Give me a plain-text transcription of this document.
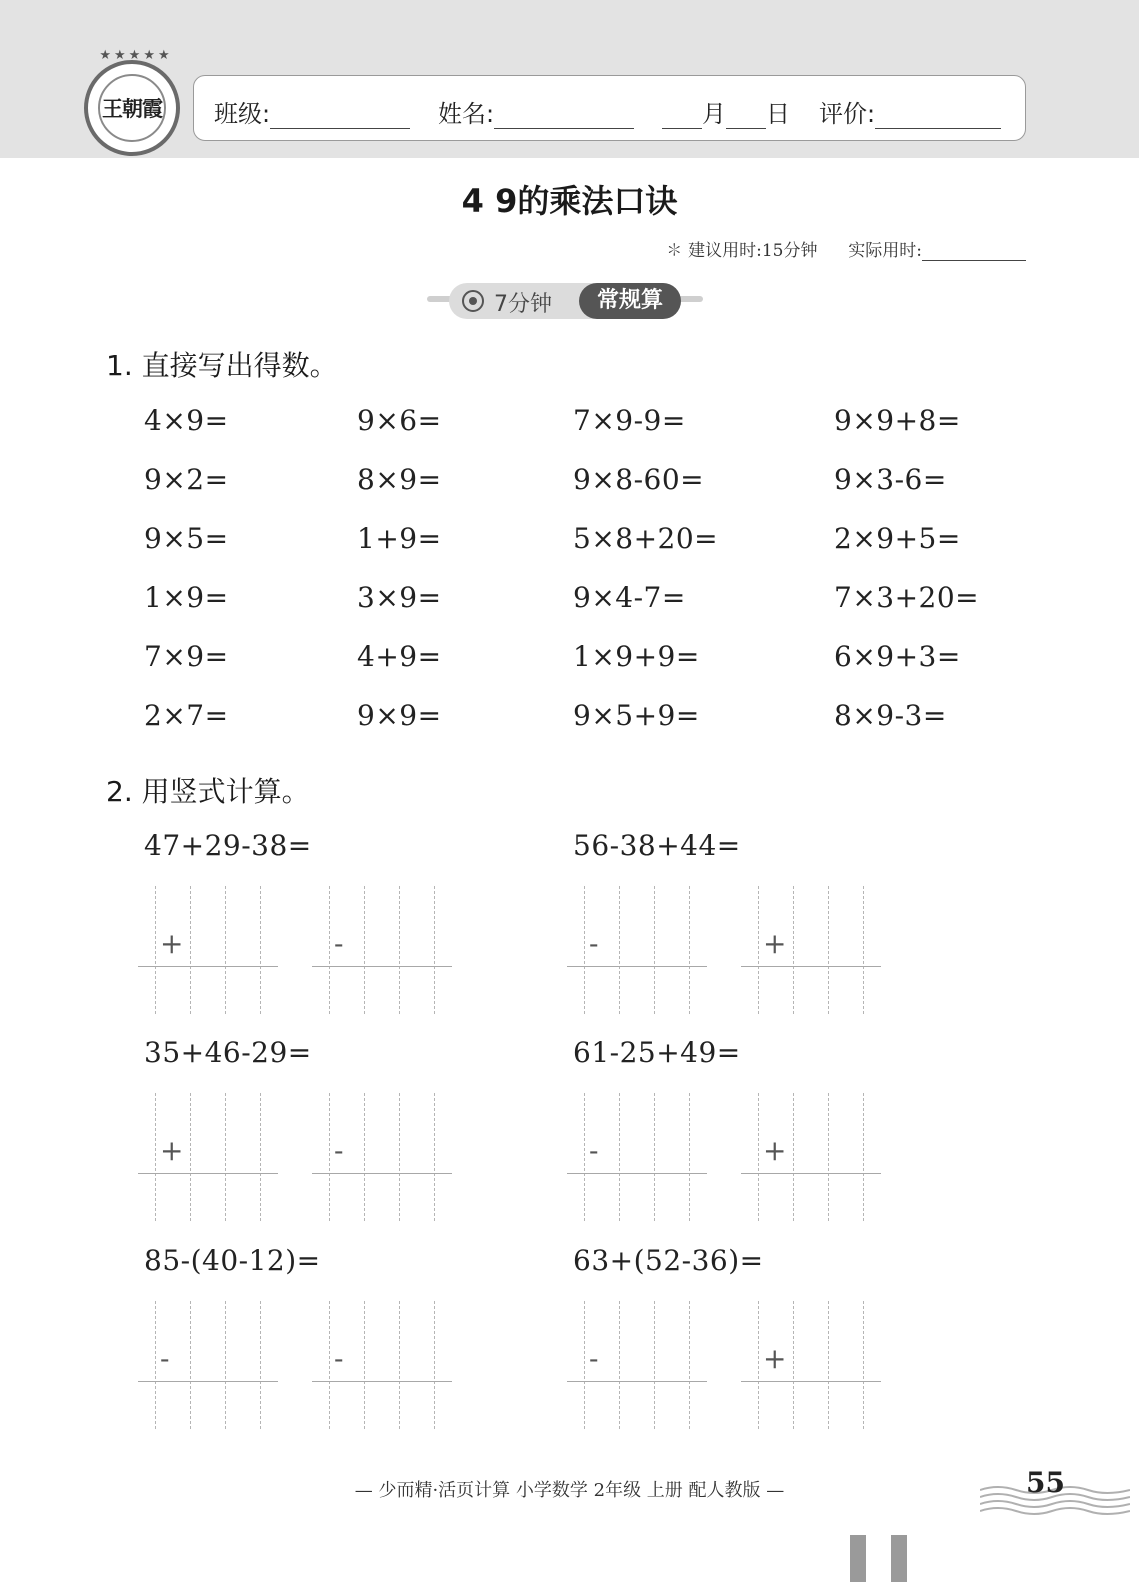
★★★★★
王朝霞 班级:	姓名:	月 日 评价:
4 9的乘法口诀
✽ 建议用时:15分钟 实际用时:
7分钟	常规算
1. 直接写出得数。
4×9=	9×6=	7×9-9=	9×9+8=
9×2=	8×9=	9×8-60=	9×3-6=
9×5=	1+9=	5×8+20=	2×9+5=
1×9=	3×9=	9×4-7=	7×3+20=
7×9=	4+9=	1×9+9=	6×9+3=
2×7=	9×9=	9×5+9=	8×9-3=
2. 用竖式计算。
47+29-38=
+	-
56-38+44=
-	+
35+46-29=
+	-
61-25+49=
-	+
85-(40-12)=
-	-
63+(52-36)=
-	+
— 少而精·活页计算 小学数学 2年级 上册 配人教版 —	55
